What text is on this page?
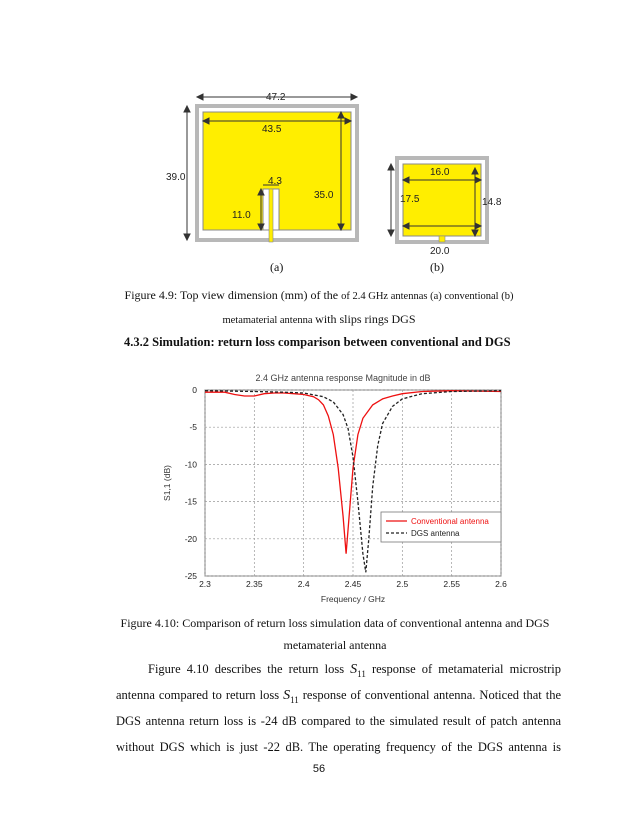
47.2
43.5
39.0	4.3
35.0
11.0
16.0
17.5	14.8
20.0
(a)	(b)
Figure 4.9: Top view dimension (mm) of the of 2.4 GHz antennas (a) conventional (b)
metamaterial antenna with slips rings DGS
4.3.2 Simulation: return loss comparison between conventional and DGS
2.3	2.35	2.4	2.45	2.5	2.55	2.6
0
-5
-10
-15
-20
-25
2.4 GHz antenna response Magnitude in dB
Frequency / GHz
S1,1 (dB)
Conventional antenna
DGS antenna
Figure 4.10: Comparison of return loss simulation data of conventional antenna and DGS
metamaterial antenna
Figure 4.10 describes the return loss $S_{11}$ response of metamaterial microstrip
antenna compared to return loss $S_{11}$ response of conventional antenna. Noticed that the
DGS antenna return loss is -24 dB compared to the simulated result of patch antenna
without DGS which is just -22 dB. The operating frequency of the DGS antenna is
56
